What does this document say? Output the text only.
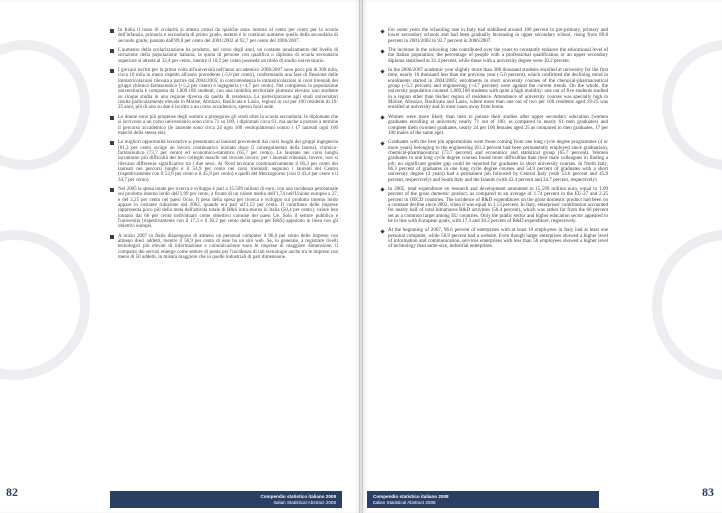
In Italia il tasso di scolarità si attesta ormai da qualche anno intorno al cento per cento per la scuola dell'infanzia, primaria e secondaria di primo grado, mentre è in continuo aumento quello della secondaria di secondo grado, passato dall'89,8 per cento del 2001/2002 al 92,7 per cento del 2006/2007.

L'aumento della scolarizzazione ha prodotto, nel corso degli anni, un costante innalzamento del livello di istruzione della popolazione italiana; la quota di persone con qualifica o diploma di scuola secondaria superiore si attesta al 32,4 per cento, mentre il 10,2 per cento possiede un titolo di studio universitario.

I giovani iscritti per la prima volta all'università nell'anno accademico 2006/2007 sono poco più di 308 mila, circa 16 mila in meno rispetto all'anno precedente (-5,0 per cento), confermando una fase di flessione delle immatricolazioni rilevata a partire dal 2004/2005; in controtendenza le immatricolazioni ai corsi triennali dei gruppi chimico-farmaceutico (+5,2 per cento) e ingegneria (+4,7 per cento). Nel complesso la popolazione universitaria è composta da 1.809.186 studenti, con una mobilità territoriale piuttosto elevata: uno studente su cinque studia in una regione diversa da quella di residenza. La partecipazione agli studi universitari risulta particolarmente elevata in Molise, Abruzzo, Basilicata e Lazio, regioni in cui per 100 residenti di 19-25 anni, più di uno su due è iscritto a un corso accademico, spesso fuori sede.

Le donne sono più propense degli uomini a proseguire gli studi oltre la scuola secondaria: le diplomate che si iscrivono a un corso universitario sono circa 71 su 100, i diplomati circa 61, ma anche a portare a termine il percorso accademico (le laureate sono circa 24 ogni 100 ventiquattrenni contro i 17 laureati ogni 100 maschi della stessa età).

Le migliori opportunità lavorative si presentano ai laureati provenienti dai corsi lunghi dei gruppi ingegneria (81,3 per cento svolge un lavoro continuativo iniziato dopo il conseguimento della laurea), chimico-farmaceutico (73,7 per cento) ed economico-statistico (65,7 per cento). Le laureate nei corsi lunghi incontrano più difficoltà dei loro colleghi maschi nel trovare lavoro; per i laureati triennali, invece, non si rilevano differenze significative tra i due sessi. Al Nord lavorano continuativamente il 66,3 per cento dei laureati nei percorsi lunghi e il 54,9 per cento nei corsi triennali; seguono i laureati del Centro (rispettivamente con il 53,6 per cento e il 45,9 per cento) e quelli del Mezzogiorno (con il 43,4 per cento e il 34,7 per cento).

Nel 2005 la spesa totale per ricerca e sviluppo è pari a 15.599 milioni di euro, con una incidenza percentuale sul prodotto interno lordo dell'1,09 per cento, a fronte di un valore medio dell'1,74 nell'Unione europea a 27, e del 2,25 per cento nei paesi Ocse. Il peso della spesa per ricerca e sviluppo sul prodotto interno lordo appare in costante riduzione dal 2002, quando era pari all'1,13 per cento. Il contributo delle imprese rappresenta poco più della metà dell'attività totale di R&S intra-muros in Italia (50,4 per cento), valore ben lontano dal 66 per cento individuato come obiettivo comune dei paesi Ue. Solo il settore pubblico e l'università (rispettivamente con il 17,3 e il 30,2 per cento della spesa per R&S) appaiono in linea con gli obiettivi europei.

A inizio 2007 in Italia dispongono di almeno un personal computer il 96,6 per cento delle imprese con almeno dieci addetti, mentre il 56,9 per cento di esse ha un sito web. Se, in generale, a registrare livelli tecnologici più elevati di informazione e comunicazione sono le imprese di maggiore dimensione, il comparto dei servizi emerge come settore di punta per l'incidenza di tali tecnologie anche tra le imprese con meno di 50 addetti, in misura maggiore che in quelle industriali di pari dimensione.

82	Compendio statistico italiano 2008
Italian Statistical Abstract 2008

For some years the schooling rate in Italy had stabilised around 100 percent in pre-primary, primary and lower secondary schools and had been gradually increasing in upper secondary school, rising from 89.8 percent in 2001/2002 to 92.7 percent in 2006/2007.

The increase in the schooling rate contributed over the years to constantly enhance the educational level of the Italian population; the percentage of people with a professional qualification or an upper secondary diploma stabilised at 32.4 percent, while those with a university degree were 10.2 percent.

In the 2006/2007 academic year slightly more than 308 thousand students enrolled at university for the first time, nearly 16 thousand less than the previous year (-5.0 percent), which confirmed the declining trend in enrolments started in 2004/2005; enrolments in short university courses of the chemical-pharmaceutical group (+5.2 percent) and engineering (+4.7 percent) were against the current trends. On the whole, the university population counted 1,809,186 students with quite a high mobility: one out of five students studied in a region other than his/her region of residence. Attendance of university courses was specially high in Molise, Abruzzo, Basilicata and Lazio, where more than one out of two per 100 residents aged 19-25 was enrolled at university and in most cases away from home.

Women were more likely than men to pursue their studies after upper secondary education (women graduates enrolling at university nearly 71 out of 100, as compared to nearly 61 men graduates) and complete them (women graduates, nearly 24 per 100 females aged 25 as compared to men graduates, 17 per 100 males of the same age).

Graduates with the best job opportunities were those coming from one long cycle degree programmes (4 or more years) belonging to the engineering (81.3 percent had been permanently employed since graduation), chemical-pharmaceutical (73.7 percent) and economics and statistical group (65.7 percent). Women graduates in one long cycle degree courses found more difficulties than their male colleagues in finding a job; no significant gender gap could be reported for graduates in short university courses. In North Italy, 66.3 percent of graduates in one long cycle degree courses and 54.9 percent of graduates with a short university degree (3 years) had a permanent job followed by Central Italy (with 53.6 percent and 45.9 percent, respectively) and South Italy and the Islands (with 43.4 percent and 34.7 percent, respectively).

In 2005, total expenditure on research and development amounted to 15,599 million euro, equal to 1.09 percent of the gross domestic product, as compared to an average of 1.74 percent in the EU-27 and 2.25 percent in OECD countries. The incidence of R&D expenditures on the gross domestic product had been on a constant decline since 2002, when it was equal to 1.13 percent. In Italy, enterprises' contribution accounted for nearly half of total intramuros R&D activities (50.4 percent), which was rather far from the 66 percent set as a common target among EU countries. Only the public sector and higher education sector appeared to be in line with European goals, with 17.3 and 30.2 percent of R&D expenditure, respectively.

At the beginning of 2007, 96.6 percent of enterprises with at least 10 employees in Italy had at least one personal computer, while 56.9 percent had a website. Even though larger enterprises showed a higher level of information and communication, services enterprises with less than 50 employees showed a higher level of technology than same-size, industrial enterprises.

83
Compendio statistico italiano 2008
Italian Statistical Abstract 2008
